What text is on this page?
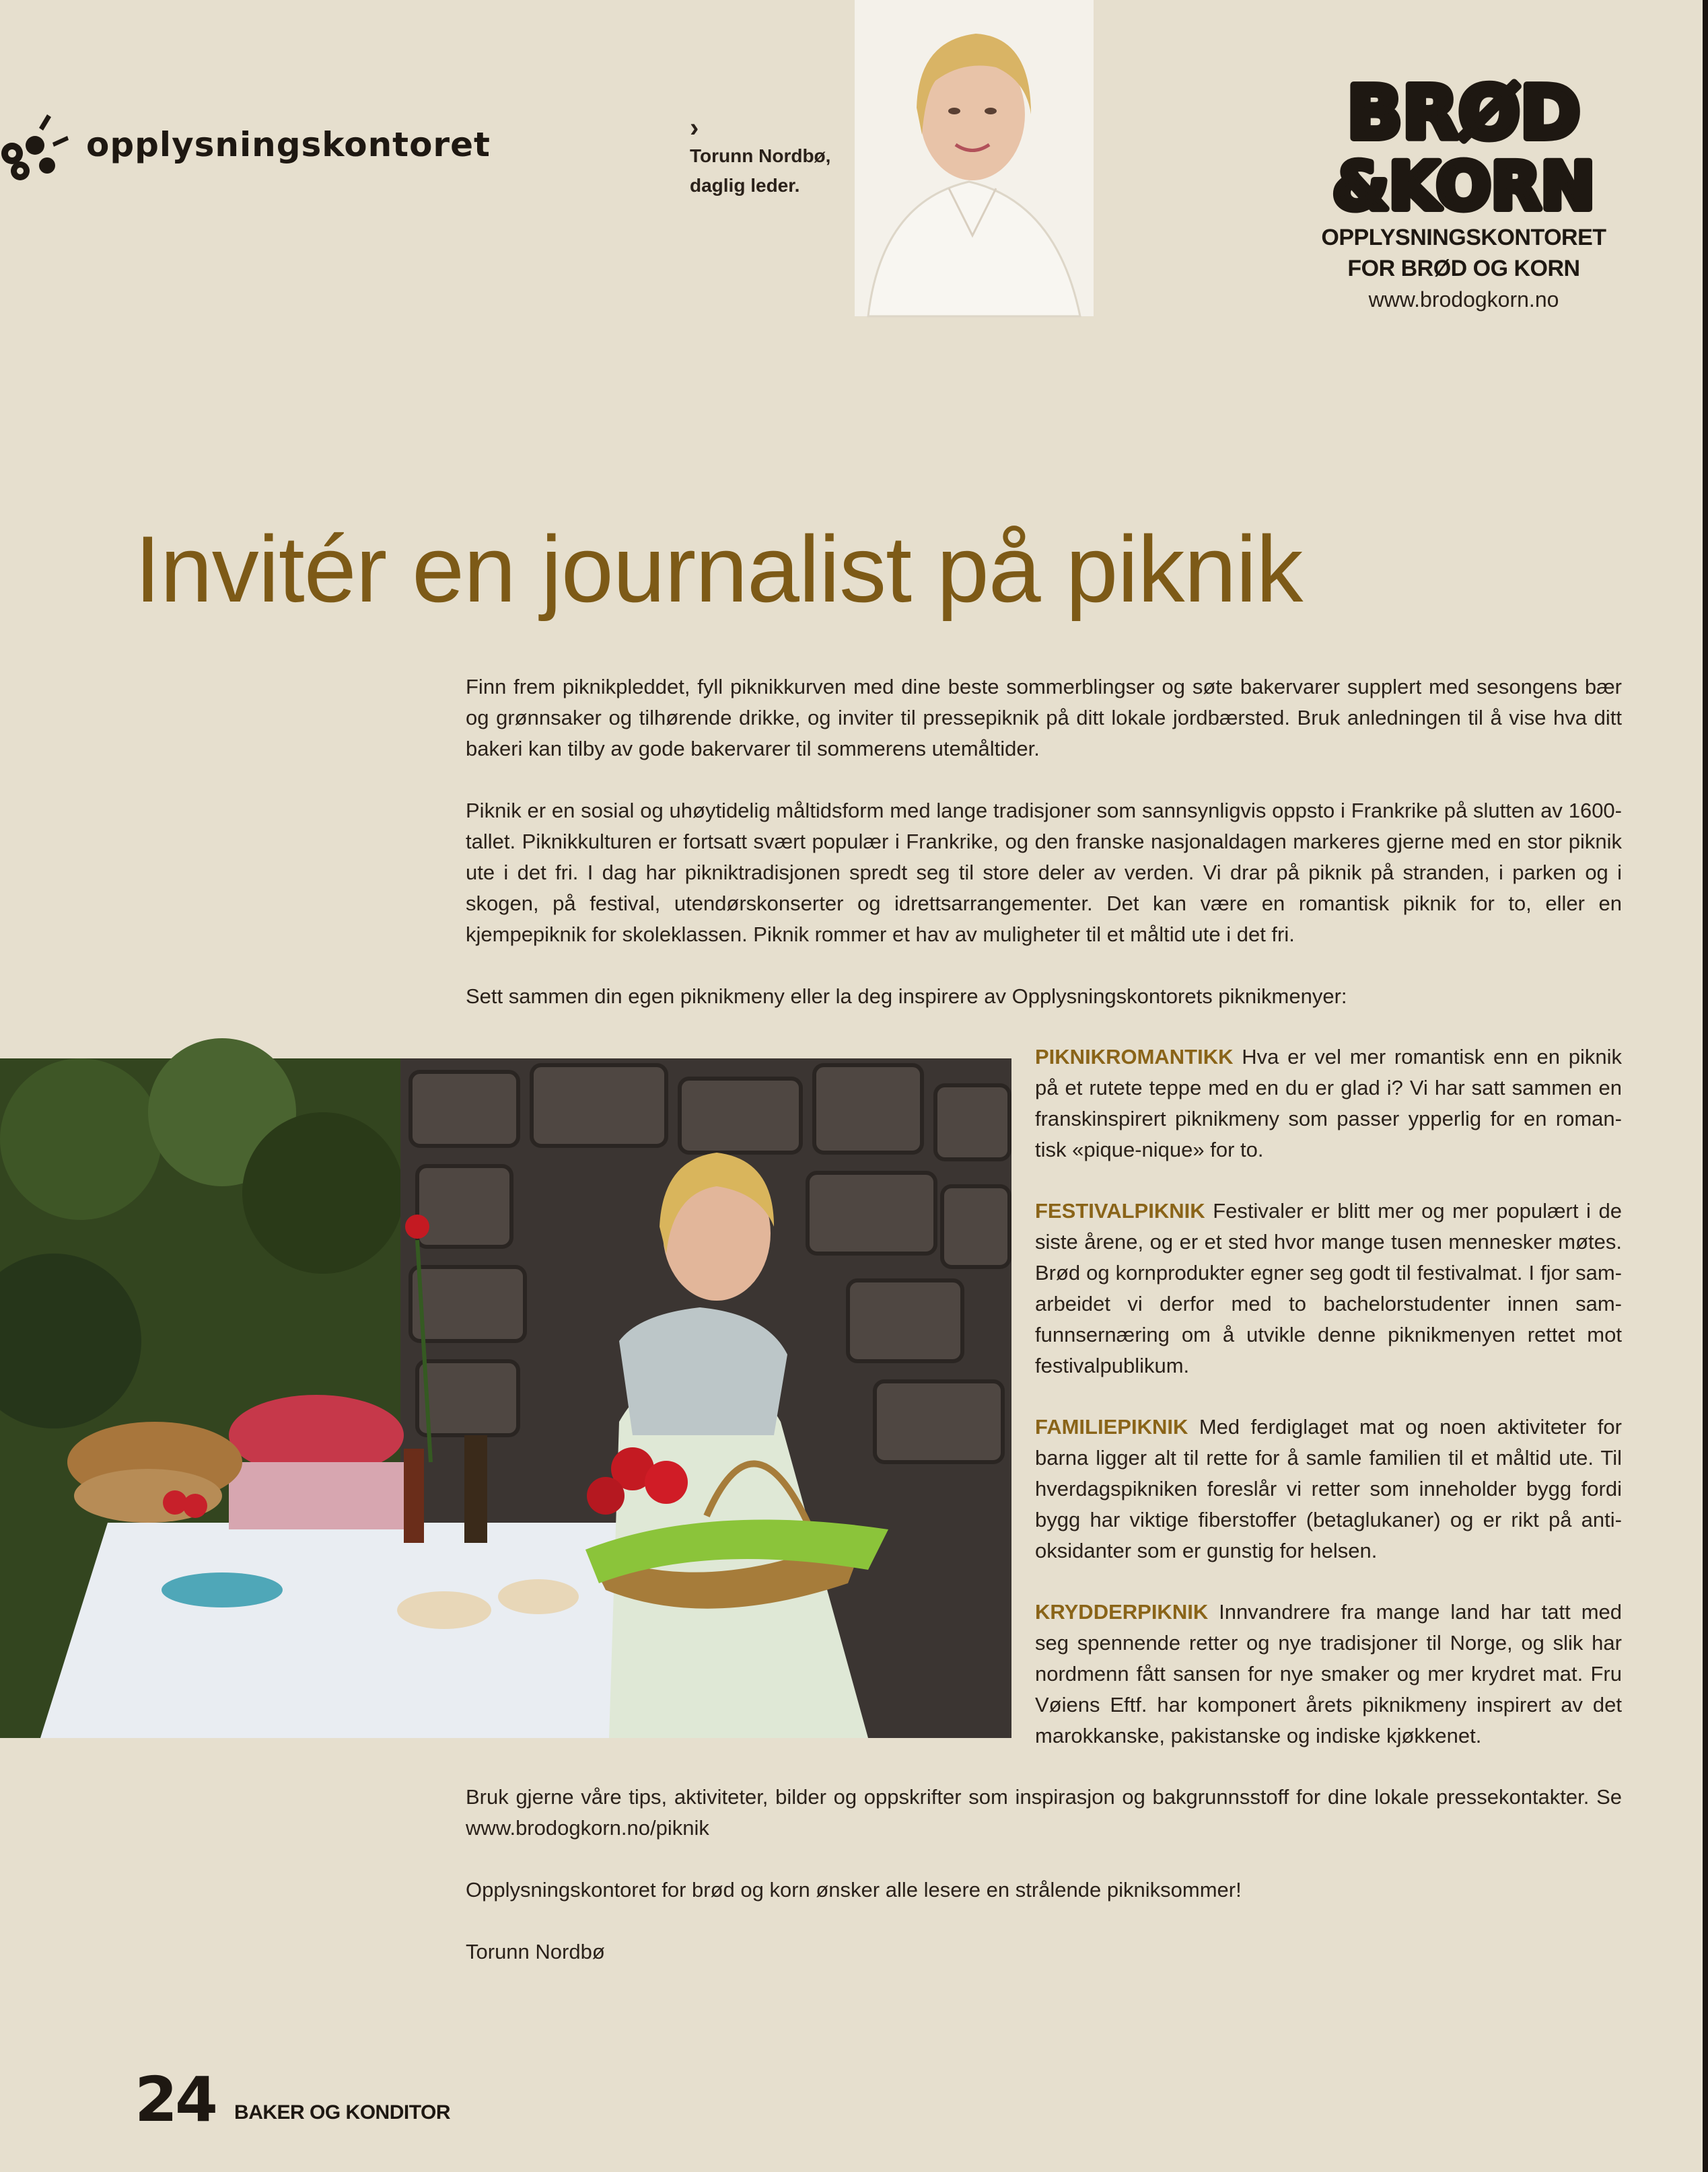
opplysningskontoret	›
Torunn Nordbø,
daglig leder.
BRØD
&KORN
OPPLYSNINGSKONTORET
FOR BRØD OG KORN
www.brodogkorn.no
Invitér en journalist på piknik
Finn frem piknikpleddet, fyll piknikkurven med dine beste sommerblingser og søte bakervarer supplert med sesongens bær og grønnsaker og tilhørende drikke, og inviter til pressepiknik på ditt lokale jordbærsted. Bruk anledningen til å vise hva ditt bakeri kan tilby av gode bakervarer til sommerens utemåltider.
Piknik er en sosial og uhøytidelig måltidsform med lange tradisjoner som sannsynligvis oppsto i Frankrike på slutten av 1600-tallet. Piknikkulturen er fortsatt svært populær i Frankrike, og den franske nasjonaldagen markeres gjerne med en stor piknik ute i det fri. I dag har pikniktradisjonen spredt seg til store deler av verden. Vi drar på piknik på stranden, i parken og i skogen, på festival, utendørskonserter og idrettsarrangementer. Det kan være en romantisk piknik for to, eller en kjempepiknik for skoleklassen. Piknik rommer et hav av muligheter til et måltid ute i det fri.
Sett sammen din egen piknikmeny eller la deg inspirere av Opplysningskontorets piknikmenyer:
PIKNIKROMANTIKK Hva er vel mer romantisk enn en piknik på et rutete teppe med en du er glad i? Vi har satt sammen en franskinspirert piknikmeny som passer ypperlig for en romantisk «pique-nique» for to.
FESTIVALPIKNIK Festivaler er blitt mer og mer populært i de siste årene, og er et sted hvor mange tusen mennesker møtes. Brød og kornprodukter egner seg godt til festivalmat. I fjor samarbeidet vi derfor med to bachelorstudenter innen samfunnsernæring om å utvikle denne piknikmenyen rettet mot festivalpublikum.
FAMILIEPIKNIK Med ferdiglaget mat og noen aktiviteter for barna ligger alt til rette for å samle familien til et måltid ute. Til hverdagspikniken foreslår vi retter som inneholder bygg fordi bygg har viktige fiberstoffer (betaglukaner) og er rikt på antioksidanter som er gunstig for helsen.
KRYDDERPIKNIK Innvandrere fra mange land har tatt med seg spennende retter og nye tradisjoner til Norge, og slik har nordmenn fått sansen for nye smaker og mer krydret mat. Fru Vøiens Eftf. har komponert årets piknikmeny inspirert av det marokkanske, pakistanske og indiske kjøkkenet.
Bruk gjerne våre tips, aktiviteter, bilder og oppskrifter som inspirasjon og bakgrunnsstoff for dine lokale pressekontakter. Se www.brodogkorn.no/piknik
Opplysningskontoret for brød og korn ønsker alle lesere en strålende pikniksommer!
Torunn Nordbø
24 BAKER OG KONDITOR
